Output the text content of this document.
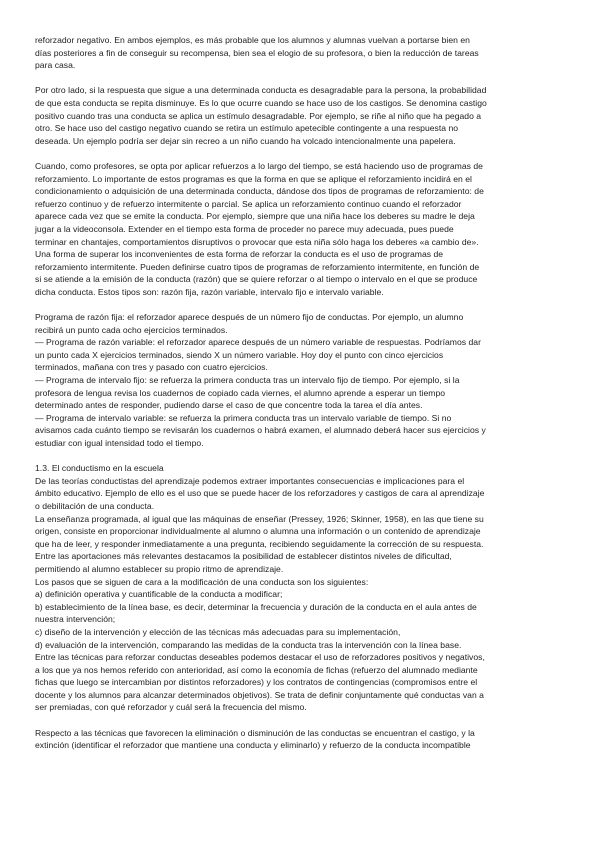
reforzador negativo. En ambos ejemplos, es más probable que los alumnos y alumnas vuelvan a portarse bien en
días posteriores a fin de conseguir su recompensa, bien sea el elogio de su profesora, o bien la reducción de tareas
para casa.
Por otro lado, si la respuesta que sigue a una determinada conducta es desagradable para la persona, la probabilidad
de que esta conducta se repita disminuye. Es lo que ocurre cuando se hace uso de los castigos. Se denomina castigo
positivo cuando tras una conducta se aplica un estímulo desagradable. Por ejemplo, se riñe al niño que ha pegado a
otro. Se hace uso del castigo negativo cuando se retira un estímulo apetecible contingente a una respuesta no
deseada. Un ejemplo podría ser dejar sin recreo a un niño cuando ha volcado intencionalmente una papelera.
Cuando, como profesores, se opta por aplicar refuerzos a lo largo del tiempo, se está haciendo uso de programas de
reforzamiento. Lo importante de estos programas es que la forma en que se aplique el reforzamiento incidirá en el
condicionamiento o adquisición de una determinada conducta, dándose dos tipos de programas de reforzamiento: de
refuerzo continuo y de refuerzo intermitente o parcial. Se aplica un reforzamiento continuo cuando el reforzador
aparece cada vez que se emite la conducta. Por ejemplo, siempre que una niña hace los deberes su madre le deja
jugar a la videoconsola. Extender en el tiempo esta forma de proceder no parece muy adecuada, pues puede
terminar en chantajes, comportamientos disruptivos o provocar que esta niña sólo haga los deberes «a cambio de».
Una forma de superar los inconvenientes de esta forma de reforzar la conducta es el uso de programas de
reforzamiento intermitente. Pueden definirse cuatro tipos de programas de reforzamiento intermitente, en función de
si se atiende a la emisión de la conducta (razón) que se quiere reforzar o al tiempo o intervalo en el que se produce
dicha conducta. Estos tipos son: razón fija, razón variable, intervalo fijo e intervalo variable.
Programa de razón fija: el reforzador aparece después de un número fijo de conductas. Por ejemplo, un alumno
recibirá un punto cada ocho ejercicios terminados.
— Programa de razón variable: el reforzador aparece después de un número variable de respuestas. Podríamos dar
un punto cada X ejercicios terminados, siendo X un número variable. Hoy doy el punto con cinco ejercicios
terminados, mañana con tres y pasado con cuatro ejercicios.
— Programa de intervalo fijo: se refuerza la primera conducta tras un intervalo fijo de tiempo. Por ejemplo, si la
profesora de lengua revisa los cuadernos de copiado cada viernes, el alumno aprende a esperar un tiempo
determinado antes de responder, pudiendo darse el caso de que concentre toda la tarea el día antes.
— Programa de intervalo variable: se refuerza la primera conducta tras un intervalo variable de tiempo. Si no
avisamos cada cuánto tiempo se revisarán los cuadernos o habrá examen, el alumnado deberá hacer sus ejercicios y
estudiar con igual intensidad todo el tiempo.
1.3. El conductismo en la escuela
De las teorías conductistas del aprendizaje podemos extraer importantes consecuencias e implicaciones para el
ámbito educativo. Ejemplo de ello es el uso que se puede hacer de los reforzadores y castigos de cara al aprendizaje
o debilitación de una conducta.
La enseñanza programada, al igual que las máquinas de enseñar (Pressey, 1926; Skinner, 1958), en las que tiene su
origen, consiste en proporcionar individualmente al alumno o alumna una información o un contenido de aprendizaje
que ha de leer, y responder inmediatamente a una pregunta, recibiendo seguidamente la corrección de su respuesta.
Entre las aportaciones más relevantes destacamos la posibilidad de establecer distintos niveles de dificultad,
permitiendo al alumno establecer su propio ritmo de aprendizaje.
Los pasos que se siguen de cara a la modificación de una conducta son los siguientes:
a) definición operativa y cuantificable de la conducta a modificar;
b) establecimiento de la línea base, es decir, determinar la frecuencia y duración de la conducta en el aula antes de
nuestra intervención;
c) diseño de la intervención y elección de las técnicas más adecuadas para su implementación,
d) evaluación de la intervención, comparando las medidas de la conducta tras la intervención con la línea base.
Entre las técnicas para reforzar conductas deseables podemos destacar el uso de reforzadores positivos y negativos,
a los que ya nos hemos referido con anterioridad, así como la economía de fichas (refuerzo del alumnado mediante
fichas que luego se intercambian por distintos reforzadores) y los contratos de contingencias (compromisos entre el
docente y los alumnos para alcanzar determinados objetivos). Se trata de definir conjuntamente qué conductas van a
ser premiadas, con qué reforzador y cuál será la frecuencia del mismo.
Respecto a las técnicas que favorecen la eliminación o disminución de las conductas se encuentran el castigo, y la
extinción (identificar el reforzador que mantiene una conducta y eliminarlo) y refuerzo de la conducta incompatible
